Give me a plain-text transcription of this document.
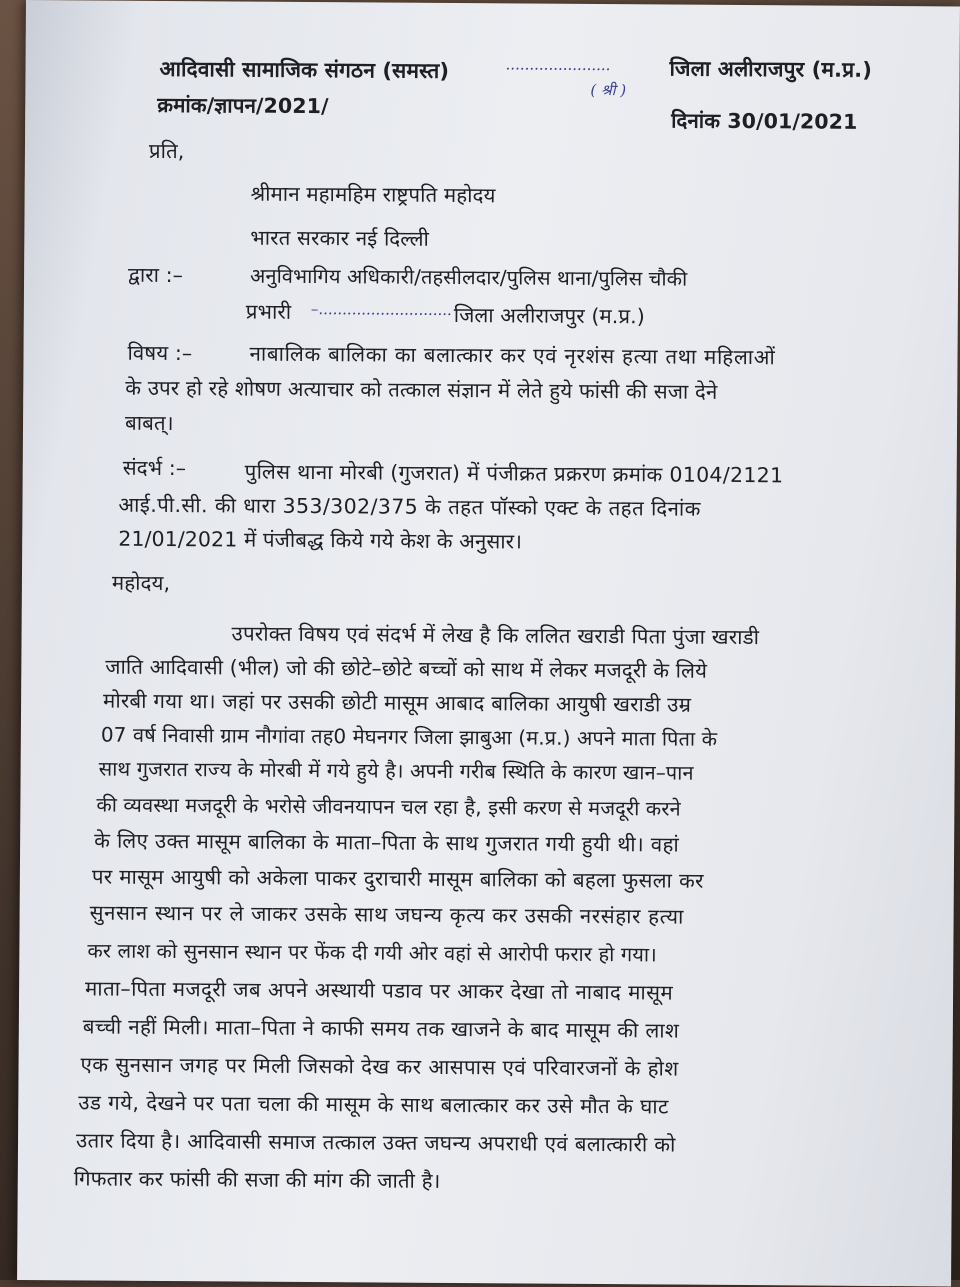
आदिवासी सामाजिक संगठन (समस्त)	......................
( श्री )
जिला अलीराजपुर (म.प्र.)
क्रमांक/ज्ञापन/2021/
दिनांक 30/01/2021
प्रति,
श्रीमान महामहिम राष्ट्रपति महोदय
भारत सरकार नई दिल्ली
द्वारा :–	अनुविभागिय अधिकारी/तहसीलदार/पुलिस थाना/पुलिस चौकी
प्रभारी –............................ जिला अलीराजपुर (म.प्र.)
विषय :–	नाबालिक बालिका का बलात्कार कर एवं नृरशंस हत्या तथा महिलाओं
के उपर हो रहे शोषण अत्याचार को तत्काल संज्ञान में लेते हुये फांसी की सजा देने
बाबत्।
संदर्भ :–	पुलिस थाना मोरबी (गुजरात) में पंजीक्रत प्रक्ररण क्रमांक 0104/2121
आई.पी.सी. की धारा 353/302/375 के तहत पॉस्को एक्ट के तहत दिनांक
21/01/2021 में पंजीबद्ध किये गये केश के अनुसार।
महोदय,
उपरोक्त विषय एवं संदर्भ में लेख है कि ललित खराडी पिता पुंजा खराडी
जाति आदिवासी (भील) जो की छोटे–छोटे बच्चों को साथ में लेकर मजदूरी के लिये
मोरबी गया था। जहां पर उसकी छोटी मासूम आबाद बालिका आयुषी खराडी उम्र
07 वर्ष निवासी ग्राम नौगांवा तह0 मेघनगर जिला झाबुआ (म.प्र.) अपने माता पिता के
साथ गुजरात राज्य के मोरबी में गये हुये है। अपनी गरीब स्थिति के कारण खान–पान
की व्यवस्था मजदूरी के भरोसे जीवनयापन चल रहा है, इसी करण से मजदूरी करने
के लिए उक्त मासूम बालिका के माता–पिता के साथ गुजरात गयी हुयी थी। वहां
पर मासूम आयुषी को अकेला पाकर दुराचारी मासूम बालिका को बहला फुसला कर
सुनसान स्थान पर ले जाकर उसके साथ जघन्य कृत्य कर उसकी नरसंहार हत्या
कर लाश को सुनसान स्थान पर फेंक दी गयी ओर वहां से आरोपी फरार हो गया।
माता–पिता मजदूरी जब अपने अस्थायी पडाव पर आकर देखा तो नाबाद मासूम
बच्ची नहीं मिली। माता–पिता ने काफी समय तक खाजने के बाद मासूम की लाश
एक सुनसान जगह पर मिली जिसको देख कर आसपास एवं परिवारजनों के होश
उड गये, देखने पर पता चला की मासूम के साथ बलात्कार कर उसे मौत के घाट
उतार दिया है। आदिवासी समाज तत्काल उक्त जघन्य अपराधी एवं बलात्कारी को
गिफतार कर फांसी की सजा की मांग की जाती है।
